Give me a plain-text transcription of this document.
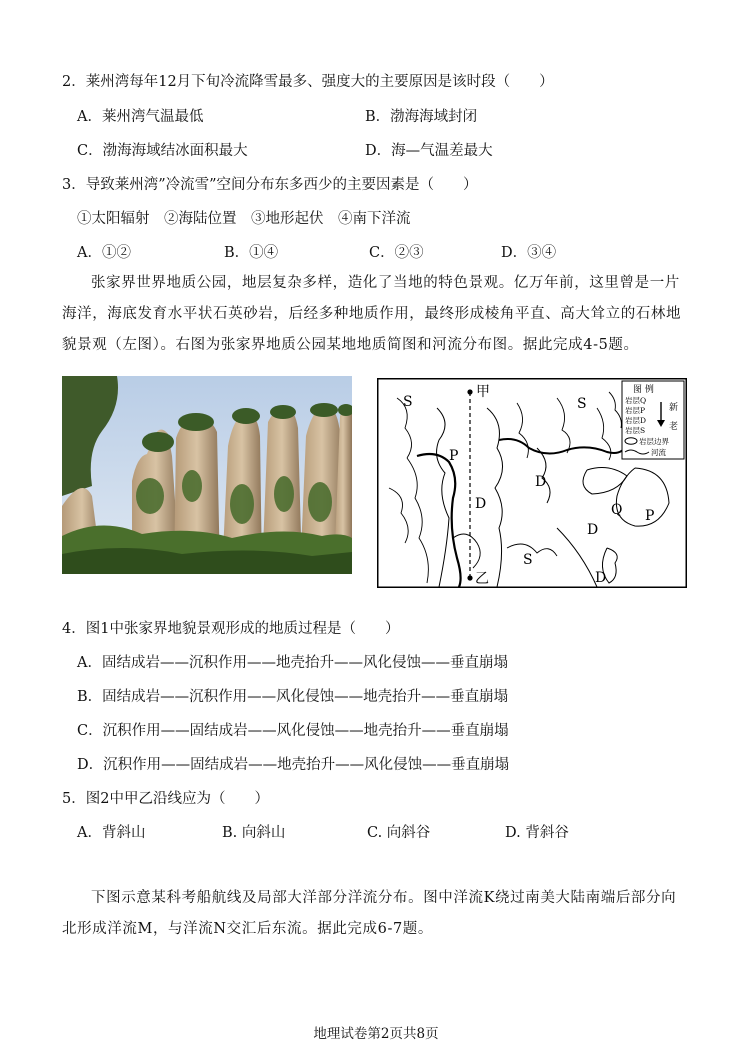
2．莱州湾每年12月下旬冷流降雪最多、强度大的主要原因是该时段（　　）
A．莱州湾气温最低	B．渤海海域封闭
C．渤海海域结冰面积最大	D．海—气温差最大
3．导致莱州湾”冷流雪”空间分布东多西少的主要因素是（　　）
①太阳辐射　②海陆位置　③地形起伏　④南下洋流
A．①②	B．①④	C．②③	D．③④

张家界世界地质公园，地层复杂多样，造化了当地的特色景观。亿万年前，这里曾是一片

海洋，海底发育水平状石英砂岩，后经多种地质作用，最终形成棱角平直、高大耸立的石林地

貌景观（左图）。右图为张家界地质公园某地地质简图和河流分布图。据此完成4-5题。

甲
乙
S	S
P
D
D
D
Q P
S
D
图 例
岩层Q
岩层P
岩层D
岩层S
新
老
岩层边界
河流
4．图1中张家界地貌景观形成的地质过程是（　　）
A．固结成岩——沉积作用——地壳抬升——风化侵蚀——垂直崩塌
B．固结成岩——沉积作用——风化侵蚀——地壳抬升——垂直崩塌
C．沉积作用——固结成岩——风化侵蚀——地壳抬升——垂直崩塌
D．沉积作用——固结成岩——地壳抬升——风化侵蚀——垂直崩塌
5．图2中甲乙沿线应为（　　）
A．背斜山	B. 向斜山	C. 向斜谷	D. 背斜谷

下图示意某科考船航线及局部大洋部分洋流分布。图中洋流K绕过南美大陆南端后部分向

北形成洋流M，与洋流N交汇后东流。据此完成6-7题。

地理试卷第2页共8页
